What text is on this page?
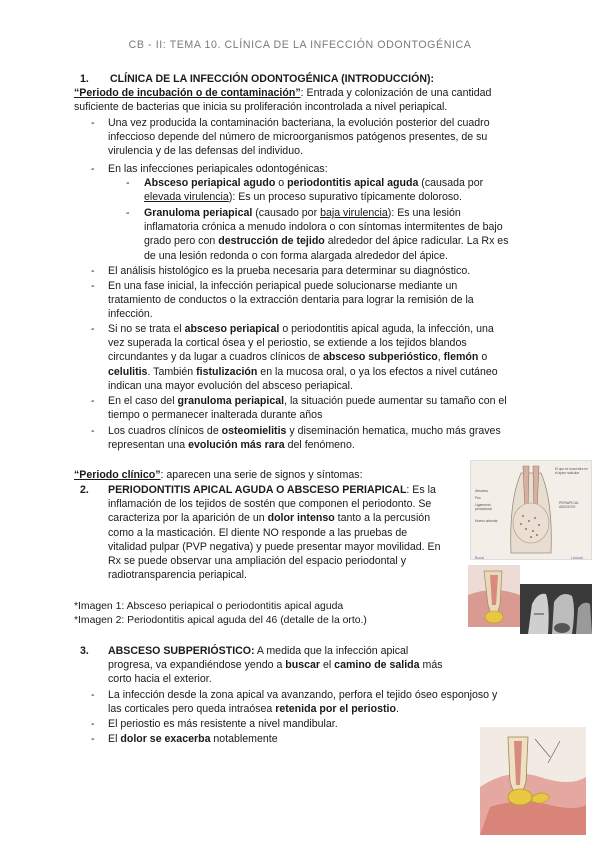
CB - II: TEMA 10. CLÍNICA DE LA INFECCIÓN ODONTOGÉNICA
1. CLÍNICA DE LA INFECCIÓN ODONTOGÉNICA (INTRODUCCIÓN):
“Periodo de incubación o de contaminación”: Entrada y colonización de una cantidad
suficiente de bacterias que inicia su proliferación incontrolada a nivel periapical.
- Una vez producida la contaminación bacteriana, la evolución posterior del cuadro
infeccioso depende del número de microorganismos patógenos presentes, de su
virulencia y de las defensas del individuo.
- En las infecciones periapicales odontogénicas:
- Absceso periapical agudo o periodontitis apical aguda (causada por
elevada virulencia): Es un proceso supurativo típicamente doloroso.
- Granuloma periapical (causado por baja virulencia): Es una lesión
inflamatoria crónica a menudo indolora o con síntomas intermitentes de bajo
grado pero con destrucción de tejido alrededor del ápice radicular. La Rx es
de una lesión redonda o con forma alargada alrededor del ápice.
- El análisis histológico es la prueba necesaria para determinar su diagnóstico.
- En una fase inicial, la infección periapical puede solucionarse mediante un
tratamiento de conductos o la extracción dentaria para lograr la remisión de la
infección.
- Si no se trata el absceso periapical o periodontitis apical aguda, la infección, una
vez superada la cortical ósea y el periostio, se extiende a los tejidos blandos
circundantes y da lugar a cuadros clínicos de absceso subperióstico, flemón o
celulitis. También fistulización en la mucosa oral, o ya los efectos a nivel cutáneo
indican una mayor evolución del absceso periapical.
- En el caso del granuloma periapical, la situación puede aumentar su tamaño con el
tiempo o permanecer inalterada durante años
- Los cuadros clínicos de osteomielitis y diseminación hematica, mucho más graves
representan una evolución más rara del fenómeno.
“Periodo clínico”: aparecen una serie de signos y síntomas:
2.	PERIODONTITIS APICAL AGUDA O ABSCESO PERIAPICAL: Es la
inflamación de los tejidos de sostén que componen el periodonto. Se
caracteriza por la aparición de un dolor intenso tanto a la percusión
como a la masticación. El diente NO responde a las pruebas de
vitalidad pulpar (PVP negativa) y puede presentar mayor movilidad. En
Rx se puede observar una ampliación del espacio periodontal y
radiotransparencia periapical.
*Imagen 1: Absceso periapical o periodontitis apical aguda
*Imagen 2: Periodontitis apical aguda del 46 (detalle de la orto.)
El que se encuentra en el ápice radicular
Absceso
Pus
Ligamento periodontal
Hueso alveolar
PERIAPICAL ABSCESO
Bucal	Lingual
3.	ABSCESO SUBPERIÓSTICO: A medida que la infección apical
progresa, va expandiéndose yendo a buscar el camino de salida más
corto hacia el exterior.
- La infección desde la zona apical va avanzando, perfora el tejido óseo esponjoso y
las corticales pero queda intraósea retenida por el periostio.
- El periostio es más resistente a nivel mandibular.
- El dolor se exacerba notablemente
